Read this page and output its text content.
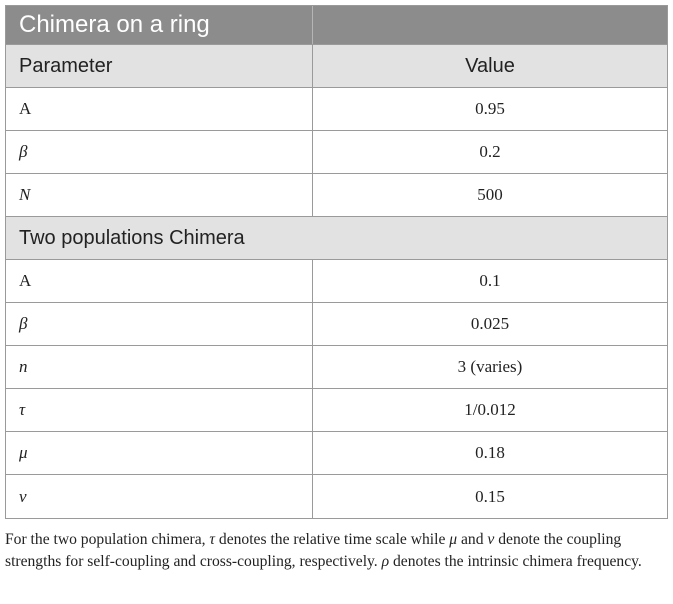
Chimera on a ring
Parameter	Value
A	0.95
β	0.2
N	500
Two populations Chimera
A	0.1
β	0.025
n	3 (varies)
τ	1/0.012
μ	0.18
ν	0.15
For the two population chimera, τ denotes the relative time scale while μ and ν denote the coupling strengths for self-coupling and cross-coupling, respectively. ρ denotes the intrinsic chimera frequency.
